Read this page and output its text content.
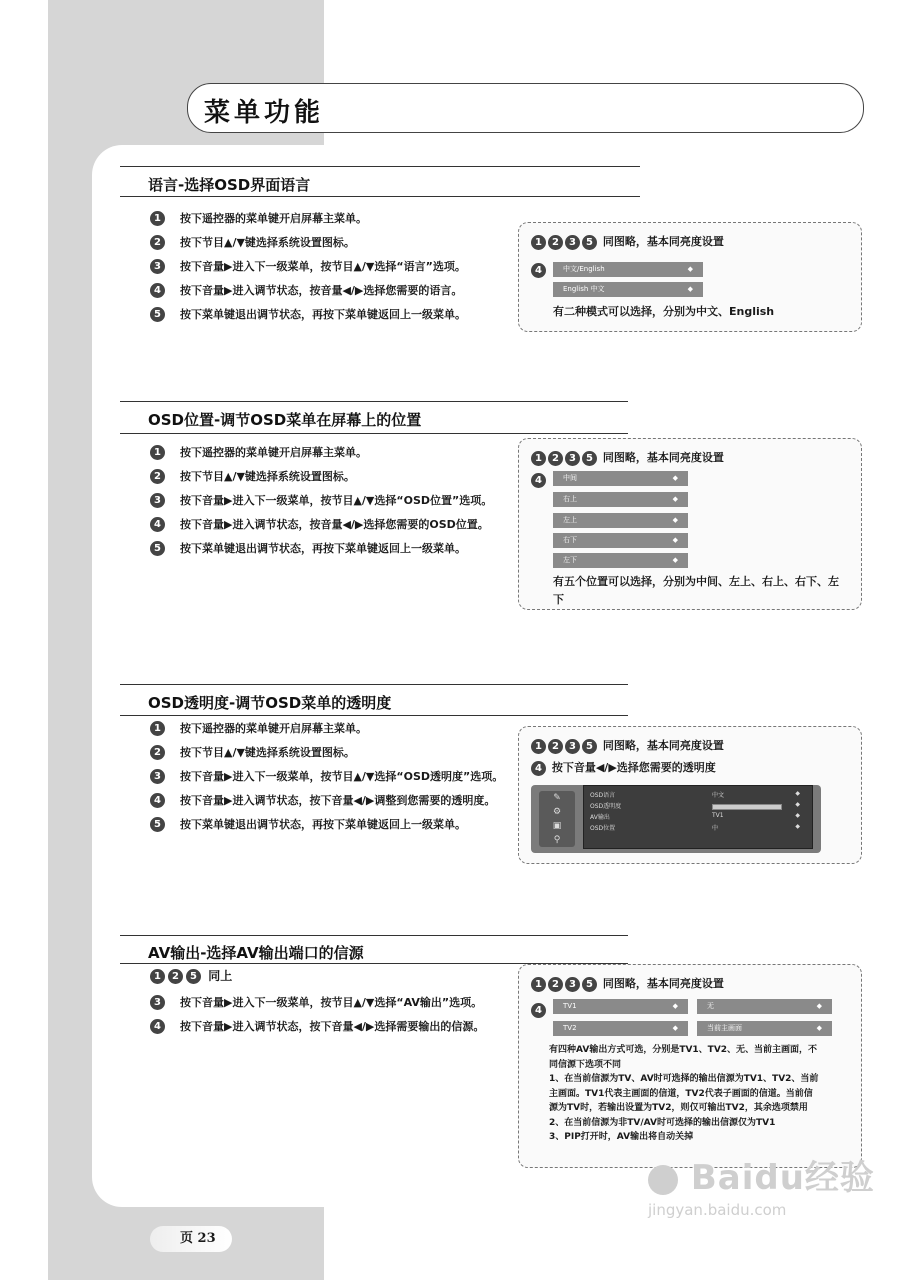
菜单功能
语言-选择OSD界面语言
1	按下遥控器的菜单键开启屏幕主菜单。
2	按下节目▲/▼键选择系统设置图标。
3	按下音量▶进入下一级菜单，按节目▲/▼选择“语言”选项。
4	按下音量▶进入调节状态，按音量◀/▶选择您需要的语言。
5	按下菜单键退出调节状态，再按下菜单键返回上一级菜单。
1 2 3 5 同图略，基本同亮度设置
4	中文/English	◆
English 中文	◆
有二种模式可以选择，分别为中文、English
OSD位置-调节OSD菜单在屏幕上的位置
1	按下遥控器的菜单键开启屏幕主菜单。
2	按下节目▲/▼键选择系统设置图标。
3	按下音量▶进入下一级菜单，按节目▲/▼选择“OSD位置”选项。
4	按下音量▶进入调节状态，按音量◀/▶选择您需要的OSD位置。
5	按下菜单键退出调节状态，再按下菜单键返回上一级菜单。
1 2 3 5 同图略，基本同亮度设置
4	中间	◆
右上	◆
左上	◆
右下	◆
左下	◆
有五个位置可以选择，分别为中间、左上、右上、右下、左下
OSD透明度-调节OSD菜单的透明度
1	按下遥控器的菜单键开启屏幕主菜单。
2	按下节目▲/▼键选择系统设置图标。
3	按下音量▶进入下一级菜单，按节目▲/▼选择“OSD透明度”选项。
4	按下音量▶进入调节状态，按下音量◀/▶调整到您需要的透明度。
5	按下菜单键退出调节状态，再按下菜单键返回上一级菜单。
1 2 3 5 同图略，基本同亮度设置
4 按下音量◀/▶选择您需要的透明度
✎
⚙
▣
⚲
OSD语言	中文	◆
OSD透明度	◆
AV输出	TV1	◆
OSD位置	中	◆
AV输出-选择AV输出端口的信源
1 2 5 同上
3	按下音量▶进入下一级菜单，按节目▲/▼选择“AV输出”选项。
4	按下音量▶进入调节状态，按下音量◀/▶选择需要输出的信源。
1 2 3 5 同图略，基本同亮度设置
4	TV1	◆	无	◆
TV2	◆	当前主画面	◆
有四种AV输出方式可选，分别是TV1、TV2、无、当前主画面，不同信源下选项不同
1、在当前信源为TV、AV时可选择的输出信源为TV1、TV2、当前主画面。TV1代表主画面的信道，TV2代表子画面的信道。当前信源为TV时，若输出设置为TV2，则仅可输出TV2，其余选项禁用
2、在当前信源为非TV/AV时可选择的输出信源仅为TV1
3、PIP打开时，AV输出将自动关掉
页 23
Baidu经验
jingyan.baidu.com
